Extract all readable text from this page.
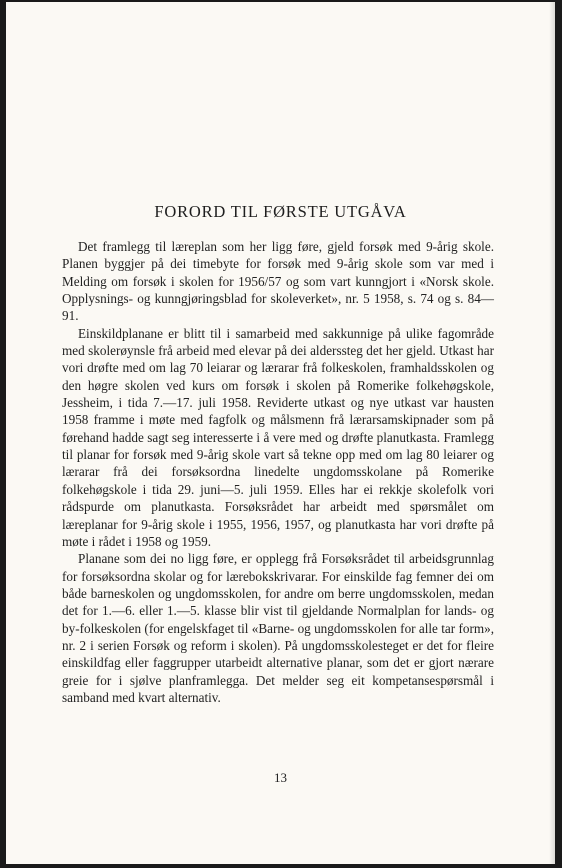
FORORD TIL FØRSTE UTGÅVA

Det framlegg til læreplan som her ligg føre, gjeld forsøk med 9-årig skole. Planen byggjer på dei timebyte for forsøk med 9-årig skole som var med i Melding om forsøk i skolen for 1956/57 og som vart kunngjort i «Norsk skole. Opplysnings- og kunngjøringsblad for skoleverket», nr. 5 1958, s. 74 og s. 84—91.

Einskildplanane er blitt til i samarbeid med sakkunnige på ulike fagområde med skolerøynsle frå arbeid med elevar på dei alderssteg det her gjeld. Utkast har vori drøfte med om lag 70 leiarar og lærarar frå folkeskolen, framhaldsskolen og den høgre skolen ved kurs om forsøk i skolen på Romerike folkehøgskole, Jessheim, i tida 7.—17. juli 1958. Reviderte utkast og nye utkast var hausten 1958 framme i møte med fagfolk og målsmenn frå lærarsamskipnader som på førehand hadde sagt seg interesserte i å vere med og drøfte planutkasta. Framlegg til planar for forsøk med 9-årig skole vart så tekne opp med om lag 80 leiarer og lærarar frå dei forsøksordna linedelte ungdomsskolane på Romerike folkehøgskole i tida 29. juni—5. juli 1959. Elles har ei rekkje skolefolk vori rådspurde om planutkasta. Forsøksrådet har arbeidt med spørsmålet om læreplanar for 9-årig skole i 1955, 1956, 1957, og planutkasta har vori drøfte på møte i rådet i 1958 og 1959.

Planane som dei no ligg føre, er opplegg frå Forsøksrådet til arbeidsgrunnlag for forsøksordna skolar og for lærebokskrivarar. For einskilde fag femner dei om både barneskolen og ungdomsskolen, for andre om berre ungdomsskolen, medan det for 1.—6. eller 1.—5. klasse blir vist til gjeldande Normalplan for lands- og by-folkeskolen (for engelskfaget til «Barne- og ungdomsskolen for alle tar form», nr. 2 i serien Forsøk og reform i skolen). På ungdomsskolesteget er det for fleire einskildfag eller faggrupper utarbeidt alternative planar, som det er gjort nærare greie for i sjølve planframlegga. Det melder seg eit kompetansespørsmål i samband med kvart alternativ.

13
